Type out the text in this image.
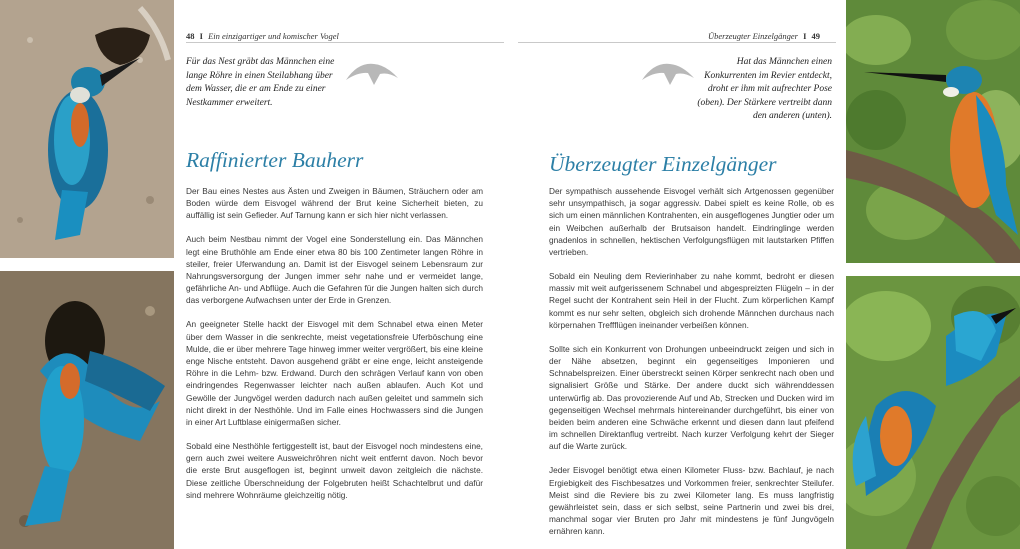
48 I Ein einzigartiger und komischer Vogel
Für das Nest gräbt das Männchen eine lange Röhre in einen Steilabhang über dem Wasser, die er am Ende zu einer Nestkammer erweitert.
Raffinierter Bauherr

Der Bau eines Nestes aus Ästen und Zweigen in Bäumen, Sträuchern oder am Boden würde dem Eisvogel während der Brut keine Sicherheit bieten, zu auffällig ist sein Gefieder. Auf Tarnung kann er sich hier nicht verlassen.

Auch beim Nestbau nimmt der Vogel eine Sonderstellung ein. Das Männchen legt eine Bruthöhle am Ende einer etwa 80 bis 100 Zentimeter langen Röhre in steiler, freier Uferwandung an. Damit ist der Eisvogel seinem Lebensraum zur Nahrungsversorgung der Jungen immer sehr nahe und er vermeidet lange, gefährliche An- und Abflüge. Auch die Gefahren für die Jungen halten sich durch das verborgene Aufwachsen unter der Erde in Grenzen.

An geeigneter Stelle hackt der Eisvogel mit dem Schnabel etwa einen Meter über dem Wasser in die senkrechte, meist vegetationsfreie Uferböschung eine Mulde, die er über mehrere Tage hinweg immer weiter vergrößert, bis eine kleine enge Nische entsteht. Davon ausgehend gräbt er eine enge, leicht ansteigende Röhre in die Lehm- bzw. Erdwand. Durch den schrägen Verlauf kann von oben eindringendes Regenwasser leichter nach außen ablaufen. Auch Kot und Gewölle der Jungvögel werden dadurch nach außen geleitet und sammeln sich nicht direkt in der Nesthöhle. Und im Falle eines Hochwassers sind die Jungen in einer Art Luftblase einigermaßen sicher.

Sobald eine Nesthöhle fertiggestellt ist, baut der Eisvogel noch mindestens eine, gern auch zwei weitere Ausweichröhren nicht weit entfernt davon. Noch bevor die erste Brut ausgeflogen ist, beginnt unweit davon zeitgleich die nächste. Diese zeitliche Überschneidung der Folgebruten heißt Schachtelbrut und dafür sind mehrere Wohnräume gleichzeitig nötig.

Überzeugter Einzelgänger I 49
Hat das Männchen einen Konkurrenten im Revier entdeckt, droht er ihm mit aufrechter Pose (oben). Der Stärkere vertreibt dann den anderen (unten).
Überzeugter Einzelgänger

Der sympathisch aussehende Eisvogel verhält sich Artgenossen gegenüber sehr unsympathisch, ja sogar aggressiv. Dabei spielt es keine Rolle, ob es sich um einen männlichen Kontrahenten, ein ausgeflogenes Jungtier oder um ein Weibchen außerhalb der Brutsaison handelt. Eindringlinge werden gnadenlos in schnellen, hektischen Verfolgungsflügen mit lautstarken Pfiffen vertrieben.

Sobald ein Neuling dem Revierinhaber zu nahe kommt, bedroht er diesen massiv mit weit aufgerissenem Schnabel und abgespreizten Flügeln – in der Regel sucht der Kontrahent sein Heil in der Flucht. Zum körperlichen Kampf kommt es nur sehr selten, obgleich sich drohende Männchen durchaus nach körpernahen Treffflügen ineinander verbeißen können.

Sollte sich ein Konkurrent von Drohungen unbeeindruckt zeigen und sich in der Nähe absetzen, beginnt ein gegenseitiges Imponieren und Schnabelspreizen. Einer überstreckt seinen Körper senkrecht nach oben und signalisiert Größe und Stärke. Der andere duckt sich währenddessen unterwürfig ab. Das provozierende Auf und Ab, Strecken und Ducken wird im gegenseitigen Wechsel mehrmals hintereinander durchgeführt, bis einer von beiden beim anderen eine Schwäche erkennt und diesen dann laut pfeifend im schnellen Direktanflug vertreibt. Nach kurzer Verfolgung kehrt der Sieger auf die Warte zurück.

Jeder Eisvogel benötigt etwa einen Kilometer Fluss- bzw. Bachlauf, je nach Ergiebigkeit des Fischbesatzes und Vorkommen freier, senkrechter Steilufer. Meist sind die Reviere bis zu zwei Kilometer lang. Es muss langfristig gewährleistet sein, dass er sich selbst, seine Partnerin und zwei bis drei, manchmal sogar vier Bruten pro Jahr mit mindestens je fünf Jungvögeln ernähren kann.
